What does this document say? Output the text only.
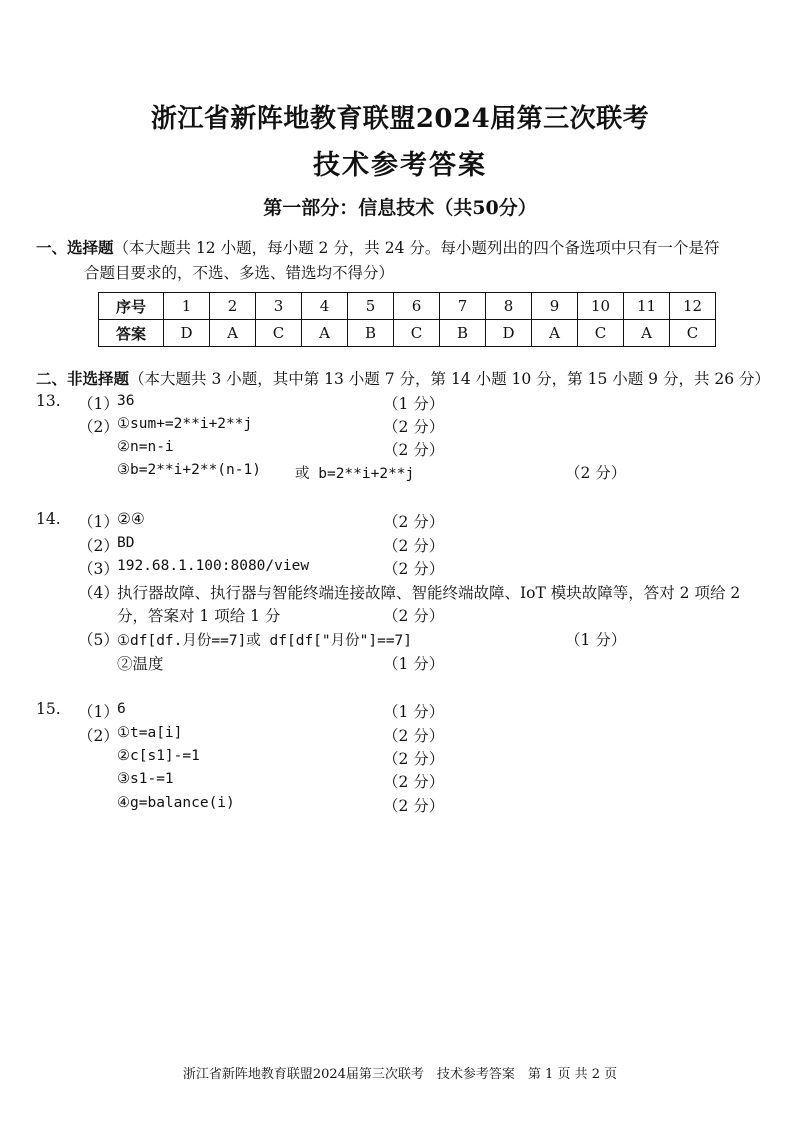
浙江省新阵地教育联盟2024届第三次联考
技术参考答案
第一部分：信息技术（共50分）
一、选择题（本大题共 12 小题，每小题 2 分，共 24 分。每小题列出的四个备选项中只有一个是符
合题目要求的，不选、多选、错选均不得分）
序号	1	2	3	4	5	6	7	8	9	10	11	12
答案	D	A	C	A	B	C	B	D	A	C	A	C
二、非选择题（本大题共 3 小题，其中第 13 小题 7 分，第 14 小题 10 分，第 15 小题 9 分，共 26 分）
13. （1）
36	（1 分）
（2）
①sum+=2**i+2**j	（2 分）
②n=n-i	（2 分）
③b=2**i+2**(n-1) 或 b=2**i+2**j	（2 分）
14. （1）
②④	（2 分）
（2）
BD	（2 分）
（3）
192.68.1.100:8080/view	（2 分）
（4）
执行器故障、执行器与智能终端连接故障、智能终端故障、IoT 模块故障等，答对 2 项给 2
分，答案对 1 项给 1 分	（2 分）
（5）
①df[df.月份==7]或 df[df["月份"]==7]	（1 分）
②温度	（1 分）
15. （1）
6	（1 分）
（2）
①t=a[i]	（2 分）
②c[s1]-=1	（2 分）
③s1-=1	（2 分）
④g=balance(i)	（2 分）
浙江省新阵地教育联盟2024届第三次联考　技术参考答案　第 1 页 共 2 页
